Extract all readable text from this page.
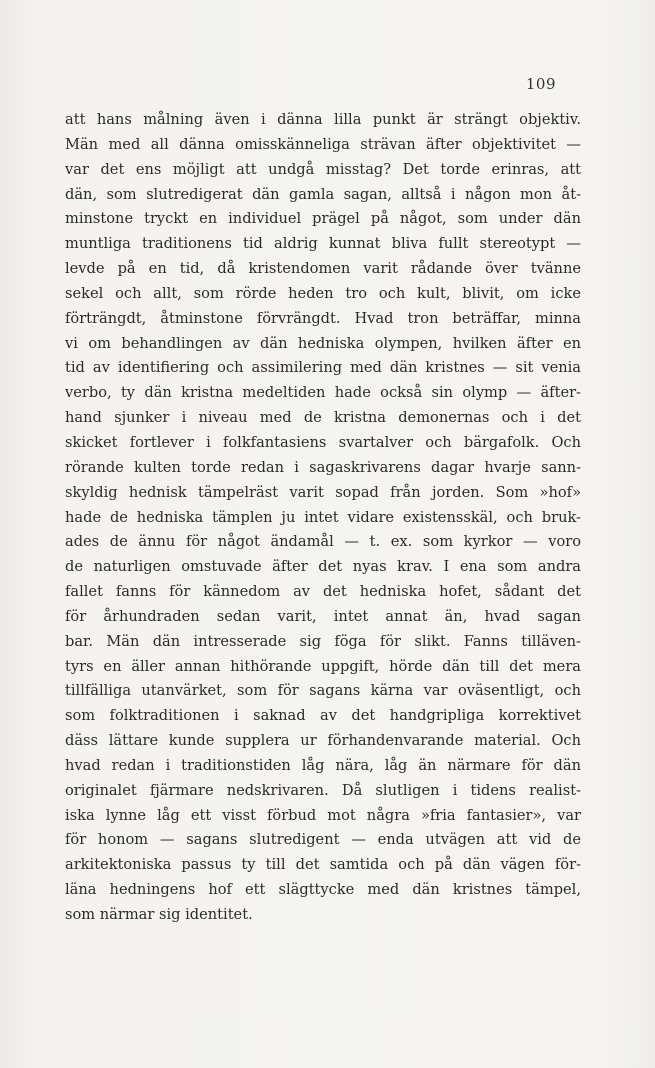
109
att hans målning även i dänna lilla punkt är strängt objektiv.
Män med all dänna omisskänneliga strävan äfter objektivitet —
var det ens möjligt att undgå misstag? Det torde erinras, att
dän, som slutredigerat dän gamla sagan, alltså i någon mon åt-
minstone tryckt en individuel prägel på något, som under dän
muntliga traditionens tid aldrig kunnat bliva fullt stereotypt —
levde på en tid, då kristendomen varit rådande över tvänne
sekel och allt, som rörde heden tro och kult, blivit, om icke
förträngdt, åtminstone förvrängdt. Hvad tron beträffar, minna
vi om behandlingen av dän hedniska olympen, hvilken äfter en
tid av identifiering och assimilering med dän kristnes — sit venia
verbo, ty dän kristna medeltiden hade också sin olymp — äfter-
hand sjunker i niveau med de kristna demonernas och i det
skicket fortlever i folkfantasiens svartalver och bärgafolk. Och
rörande kulten torde redan i sagaskrivarens dagar hvarje sann-
skyldig hednisk tämpelräst varit sopad från jorden. Som »hof»
hade de hedniska tämplen ju intet vidare existensskäl, och bruk-
ades de ännu för något ändamål — t. ex. som kyrkor — voro
de naturligen omstuvade äfter det nyas krav. I ena som andra
fallet fanns för kännedom av det hedniska hofet, sådant det
för århundraden sedan varit, intet annat än, hvad sagan
bar. Män dän intresserade sig föga för slikt. Fanns tilläven-
tyrs en äller annan hithörande uppgift, hörde dän till det mera
tillfälliga utanvärket, som för sagans kärna var oväsentligt, och
som folktraditionen i saknad av det handgripliga korrektivet
däss lättare kunde supplera ur förhandenvarande material. Och
hvad redan i traditionstiden låg nära, låg än närmare för dän
originalet fjärmare nedskrivaren. Då slutligen i tidens realist-
iska lynne låg ett visst förbud mot några »fria fantasier», var
för honom — sagans slutredigent — enda utvägen att vid de
arkitektoniska passus ty till det samtida och på dän vägen för-
läna hedningens hof ett slägttycke med dän kristnes tämpel,
som närmar sig identitet.
